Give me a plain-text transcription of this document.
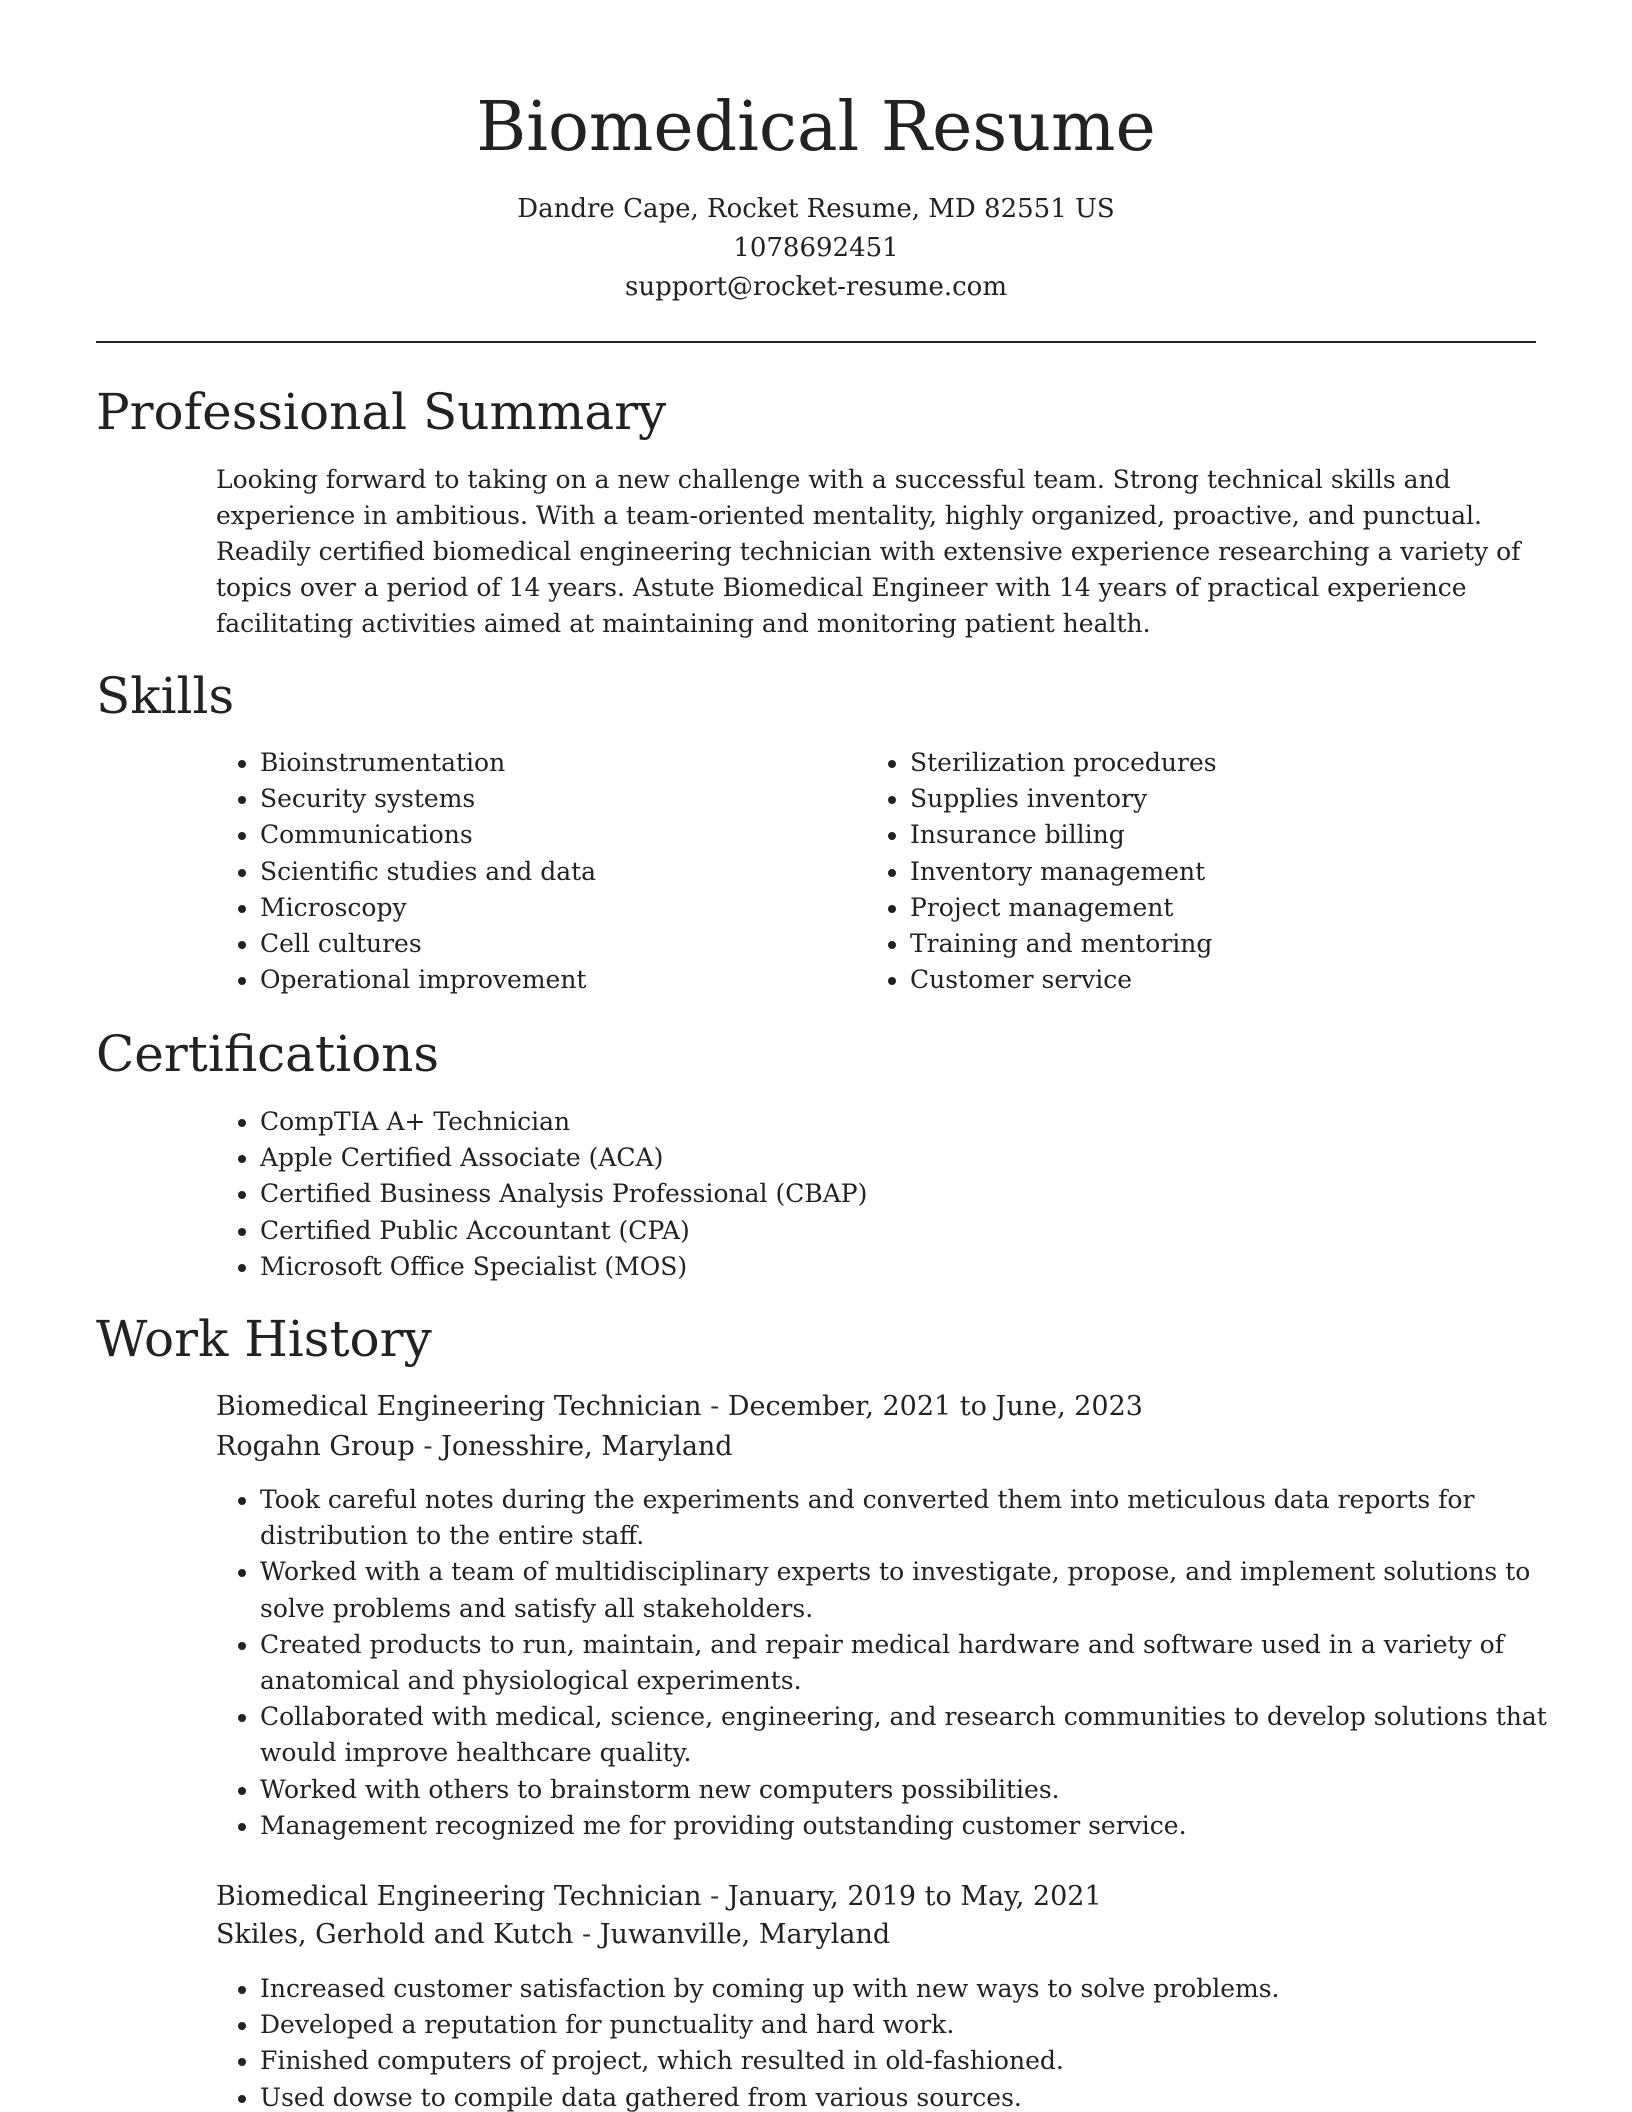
Biomedical Resume
Dandre Cape, Rocket Resume, MD 82551 US
1078692451
support@rocket-resume.com
Professional Summary

Looking forward to taking on a new challenge with a successful team. Strong technical skills and experience in ambitious. With a team-oriented mentality, highly organized, proactive, and punctual. Readily certified biomedical engineering technician with extensive experience researching a variety of topics over a period of 14 years. Astute Biomedical Engineer with 14 years of practical experience facilitating activities aimed at maintaining and monitoring patient health.

Skills
• Bioinstrumentation
• Security systems
• Communications
• Scientific studies and data
• Microscopy
• Cell cultures
• Operational improvement
• Sterilization procedures
• Supplies inventory
• Insurance billing
• Inventory management
• Project management
• Training and mentoring
• Customer service
Certifications
• CompTIA A+ Technician
• Apple Certified Associate (ACA)
• Certified Business Analysis Professional (CBAP)
• Certified Public Accountant (CPA)
• Microsoft Office Specialist (MOS)
Work History
Biomedical Engineering Technician - December, 2021 to June, 2023
Rogahn Group - Jonesshire, Maryland
• Took careful notes during the experiments and converted them into meticulous data reports for distribution to the entire staff.
• Worked with a team of multidisciplinary experts to investigate, propose, and implement solutions to solve problems and satisfy all stakeholders.
• Created products to run, maintain, and repair medical hardware and software used in a variety of anatomical and physiological experiments.
• Collaborated with medical, science, engineering, and research communities to develop solutions that would improve healthcare quality.
• Worked with others to brainstorm new computers possibilities.
• Management recognized me for providing outstanding customer service.
Biomedical Engineering Technician - January, 2019 to May, 2021
Skiles, Gerhold and Kutch - Juwanville, Maryland
• Increased customer satisfaction by coming up with new ways to solve problems.
• Developed a reputation for punctuality and hard work.
• Finished computers of project, which resulted in old-fashioned.
• Used dowse to compile data gathered from various sources.
